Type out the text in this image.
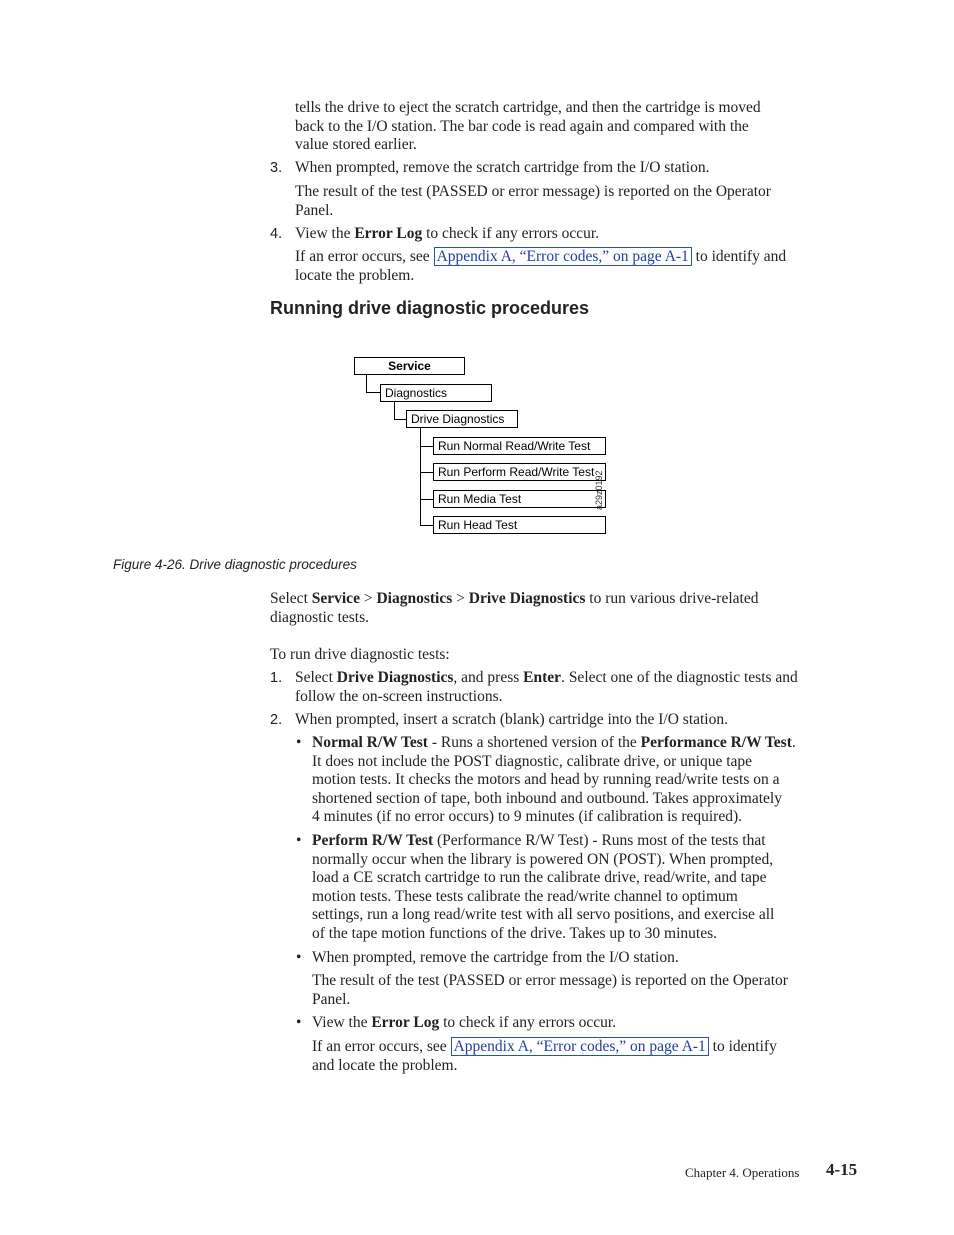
tells the drive to eject the scratch cartridge, and then the cartridge is moved

back to the I/O station. The bar code is read again and compared with the

value stored earlier.

3. When prompted, remove the scratch cartridge from the I/O station.

The result of the test (PASSED or error message) is reported on the Operator

Panel.

4. View the Error Log to check if any errors occur.

If an error occurs, see Appendix A, “Error codes,” on page A-1 to identify and

locate the problem.

Running drive diagnostic procedures
Service
Diagnostics
Drive Diagnostics
Run Normal Read/Write Test
Run Perform Read/Write Test
Run Media Test
Run Head Test
a29z0192
Figure 4-26. Drive diagnostic procedures

Select Service > Diagnostics > Drive Diagnostics to run various drive-related

diagnostic tests.

To run drive diagnostic tests:
1. Select Drive Diagnostics, and press Enter. Select one of the diagnostic tests and

follow the on-screen instructions.

2. When prompted, insert a scratch (blank) cartridge into the I/O station.
• Normal R/W Test - Runs a shortened version of the Performance R/W Test.

It does not include the POST diagnostic, calibrate drive, or unique tape

motion tests. It checks the motors and head by running read/write tests on a

shortened section of tape, both inbound and outbound. Takes approximately

4 minutes (if no error occurs) to 9 minutes (if calibration is required).

• Perform R/W Test (Performance R/W Test) - Runs most of the tests that

normally occur when the library is powered ON (POST). When prompted,

load a CE scratch cartridge to run the calibrate drive, read/write, and tape

motion tests. These tests calibrate the read/write channel to optimum

settings, run a long read/write test with all servo positions, and exercise all

of the tape motion functions of the drive. Takes up to 30 minutes.

• When prompted, remove the cartridge from the I/O station.

The result of the test (PASSED or error message) is reported on the Operator

Panel.

• View the Error Log to check if any errors occur.

If an error occurs, see Appendix A, “Error codes,” on page A-1 to identify

and locate the problem.

Chapter 4. Operations 4-15
